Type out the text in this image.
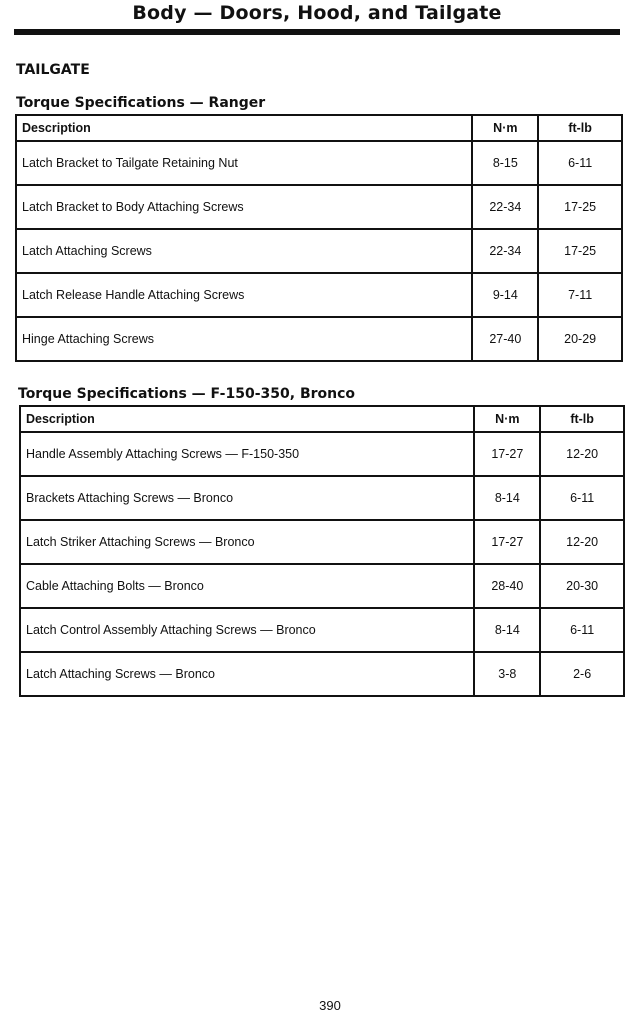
Body — Doors, Hood, and Tailgate
TAILGATE
Torque Specifications — Ranger
Description	N·m	ft-lb
Latch Bracket to Tailgate Retaining Nut	8-15	6-11
Latch Bracket to Body Attaching Screws	22-34	17-25
Latch Attaching Screws	22-34	17-25
Latch Release Handle Attaching Screws	9-14	7-11
Hinge Attaching Screws	27-40	20-29
Torque Specifications — F-150-350, Bronco
Description	N·m	ft-lb
Handle Assembly Attaching Screws — F-150-350	17-27	12-20
Brackets Attaching Screws — Bronco	8-14	6-11
Latch Striker Attaching Screws — Bronco	17-27	12-20
Cable Attaching Bolts — Bronco	28-40	20-30
Latch Control Assembly Attaching Screws — Bronco	8-14	6-11
Latch Attaching Screws — Bronco	3-8	2-6
390
